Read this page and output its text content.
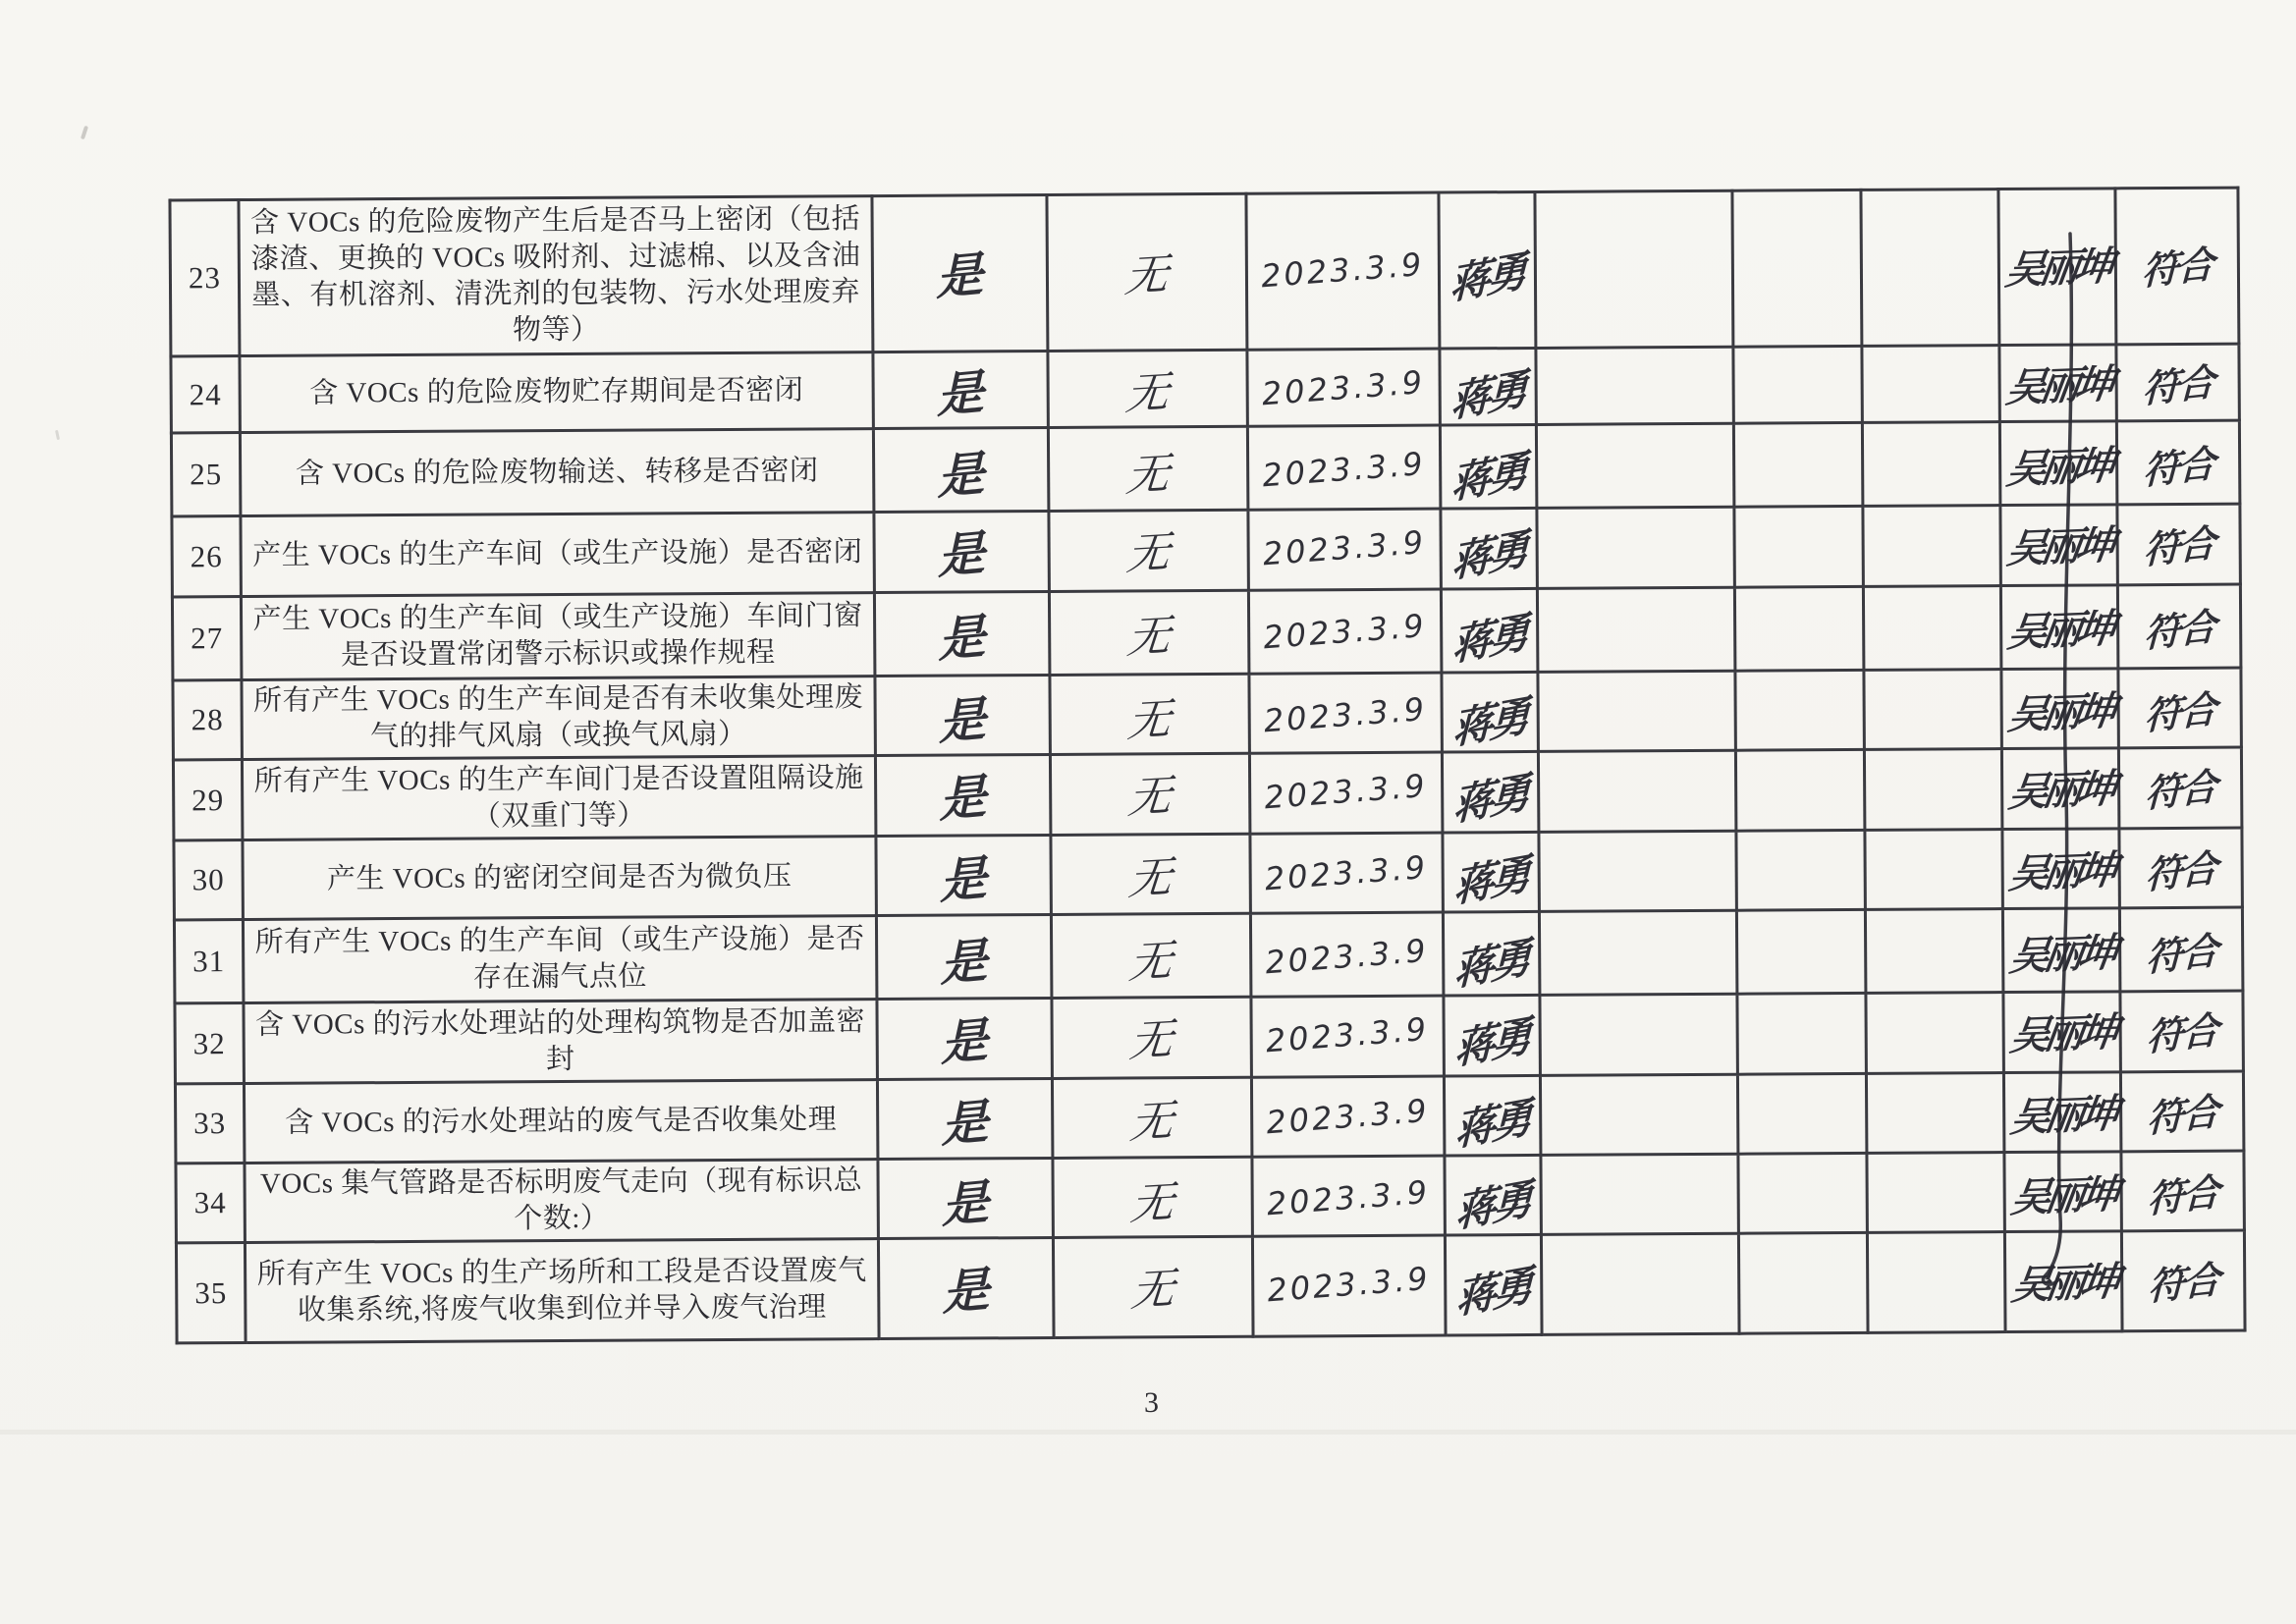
23	含 VOCs 的危险废物产生后是否马上密闭（包括漆渣、更换的 VOCs 吸附剂、过滤棉、以及含油墨、有机溶剂、清洗剂的包装物、污水处理废弃物等）	是	无	2023.3.9	蒋勇				吴丽坤	符合
24	含 VOCs 的危险废物贮存期间是否密闭	是	无	2023.3.9	蒋勇				吴丽坤	符合
25	含 VOCs 的危险废物输送、转移是否密闭	是	无	2023.3.9	蒋勇				吴丽坤	符合
26	产生 VOCs 的生产车间（或生产设施）是否密闭	是	无	2023.3.9	蒋勇				吴丽坤	符合
27	产生 VOCs 的生产车间（或生产设施）车间门窗是否设置常闭警示标识或操作规程	是	无	2023.3.9	蒋勇				吴丽坤	符合
28	所有产生 VOCs 的生产车间是否有未收集处理废气的排气风扇（或换气风扇）	是	无	2023.3.9	蒋勇				吴丽坤	符合
29	所有产生 VOCs 的生产车间门是否设置阻隔设施（双重门等）	是	无	2023.3.9	蒋勇				吴丽坤	符合
30	产生 VOCs 的密闭空间是否为微负压	是	无	2023.3.9	蒋勇				吴丽坤	符合
31	所有产生 VOCs 的生产车间（或生产设施）是否存在漏气点位	是	无	2023.3.9	蒋勇				吴丽坤	符合
32	含 VOCs 的污水处理站的处理构筑物是否加盖密封	是	无	2023.3.9	蒋勇				吴丽坤	符合
33	含 VOCs 的污水处理站的废气是否收集处理	是	无	2023.3.9	蒋勇				吴丽坤	符合
34	VOCs 集气管路是否标明废气走向（现有标识总个数:）	是	无	2023.3.9	蒋勇				吴丽坤	符合
35	所有产生 VOCs 的生产场所和工段是否设置废气收集系统,将废气收集到位并导入废气治理	是	无	2023.3.9	蒋勇				吴丽坤	符合
3
